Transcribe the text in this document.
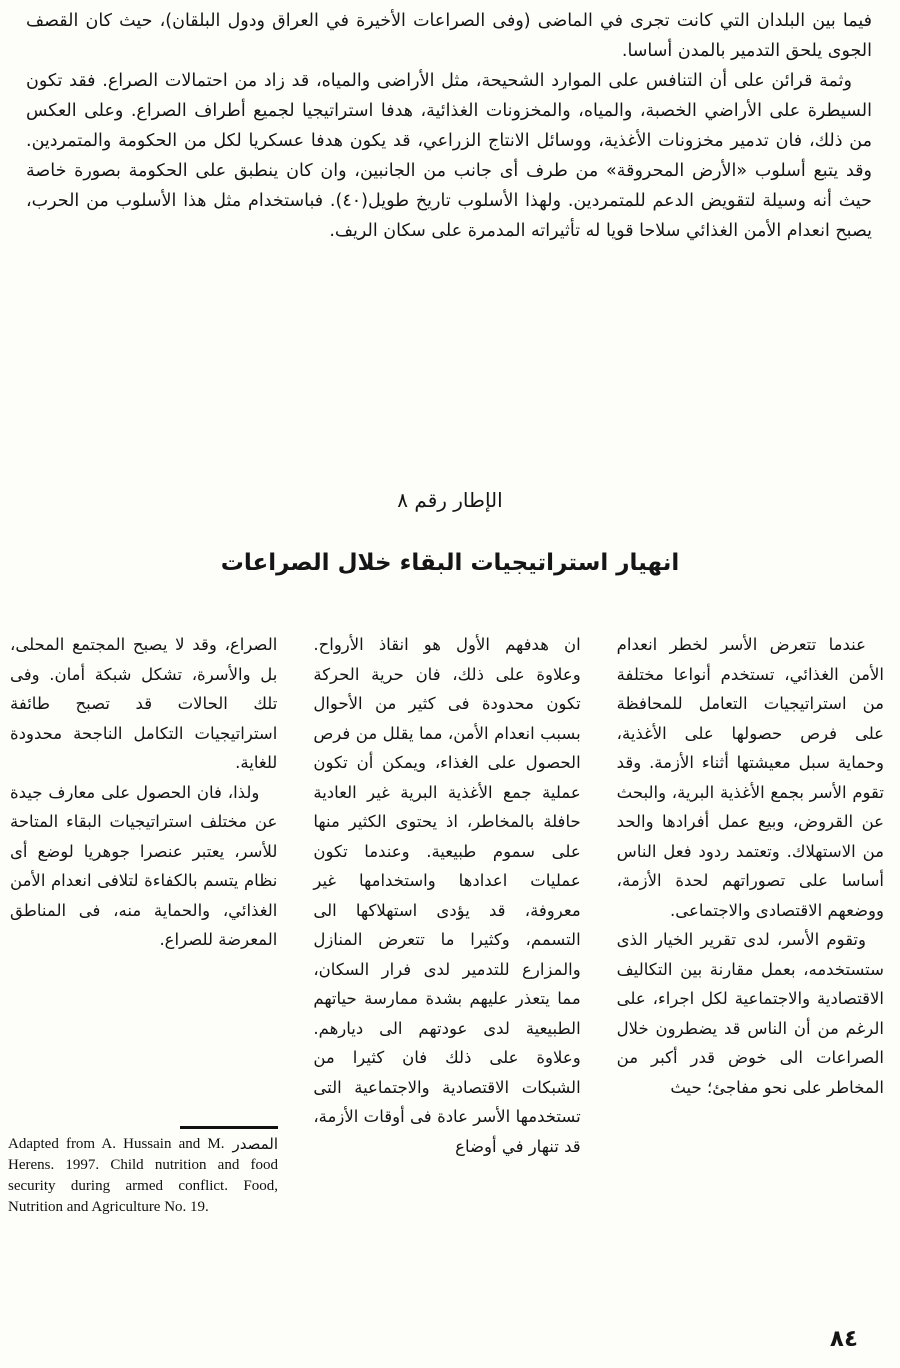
فيما بين البلدان التي كانت تجرى في الماضى (وفى الصراعات الأخيرة في العراق ودول البلقان)، حيث كان القصف الجوى يلحق التدمير بالمدن أساسا.

وثمة قرائن على أن التنافس على الموارد الشحيحة، مثل الأراضى والمياه، قد زاد من احتمالات الصراع. فقد تكون السيطرة على الأراضي الخصبة، والمياه، والمخزونات الغذائية، هدفا استراتيجيا لجميع أطراف الصراع. وعلى العكس من ذلك، فان تدمير مخزونات الأغذية، ووسائل الانتاج الزراعي، قد يكون هدفا عسكريا لكل من الحكومة والمتمردين. وقد يتبع أسلوب «الأرض المحروقة» من طرف أى جانب من الجانبين، وان كان ينطبق على الحكومة بصورة خاصة حيث أنه وسيلة لتقويض الدعم للمتمردين. ولهذا الأسلوب تاريخ طويل(٤٠). فباستخدام مثل هذا الأسلوب من الحرب، يصبح انعدام الأمن الغذائي سلاحا قويا له تأثيراته المدمرة على سكان الريف.

الإطار رقم ٨
انهيار استراتيجيات البقاء خلال الصراعات

عندما تتعرض الأسر لخطر انعدام الأمن الغذائي، تستخدم أنواعا مختلفة من استراتيجيات التعامل للمحافظة على فرص حصولها على الأغذية، وحماية سبل معيشتها أثناء الأزمة. وقد تقوم الأسر بجمع الأغذية البرية، والبحث عن القروض، وبيع عمل أفرادها والحد من الاستهلاك. وتعتمد ردود فعل الناس أساسا على تصوراتهم لحدة الأزمة، ووضعهم الاقتصادى والاجتماعى.

وتقوم الأسر، لدى تقرير الخيار الذى ستستخدمه، بعمل مقارنة بين التكاليف الاقتصادية والاجتماعية لكل اجراء، على الرغم من أن الناس قد يضطرون خلال الصراعات الى خوض قدر أكبر من المخاطر على نحو مفاجئ؛ حيث

ان هدفهم الأول هو انقاذ الأرواح. وعلاوة على ذلك، فان حرية الحركة تكون محدودة فى كثير من الأحوال بسبب انعدام الأمن، مما يقلل من فرص الحصول على الغذاء، ويمكن أن تكون عملية جمع الأغذية البرية غير العادية حافلة بالمخاطر، اذ يحتوى الكثير منها على سموم طبيعية. وعندما تكون عمليات اعدادها واستخدامها غير معروفة، قد يؤدى استهلاكها الى التسمم، وكثيرا ما تتعرض المنازل والمزارع للتدمير لدى فرار السكان، مما يتعذر عليهم بشدة ممارسة حياتهم الطبيعية لدى عودتهم الى ديارهم. وعلاوة على ذلك فان كثيرا من الشبكات الاقتصادية والاجتماعية التى تستخدمها الأسر عادة فى أوقات الأزمة، قد تنهار في أوضاع

الصراع، وقد لا يصبح المجتمع المحلى، بل والأسرة، تشكل شبكة أمان. وفى تلك الحالات قد تصبح طائفة استراتيجيات التكامل الناجحة محدودة للغاية.

ولذا، فان الحصول على معارف جيدة عن مختلف استراتيجيات البقاء المتاحة للأسر، يعتبر عنصرا جوهريا لوضع أى نظام يتسم بالكفاءة لتلافى انعدام الأمن الغذائي، والحماية منه، فى المناطق المعرضة للصراع.

المصدر
Adapted from A. Hussain and M. Herens. 1997. Child nutrition and food security during armed conflict. Food, Nutrition and Agriculture No. 19.
٨٤
